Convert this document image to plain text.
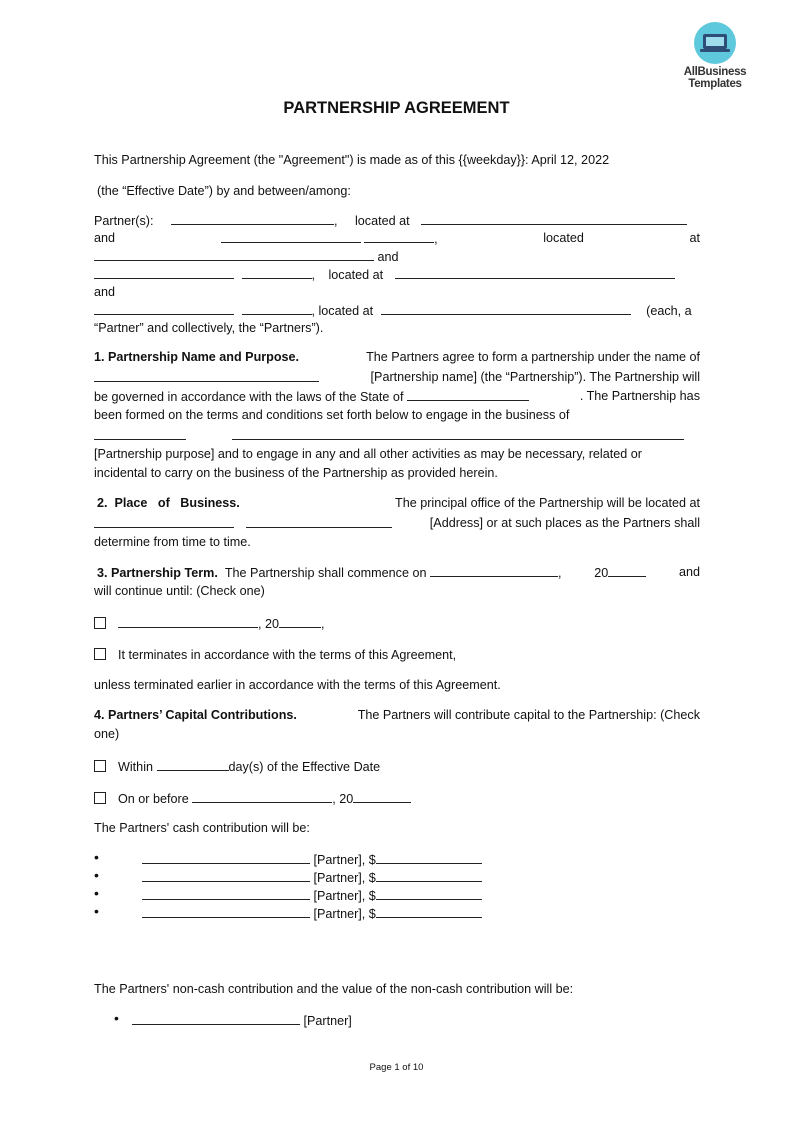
AllBusiness
Templates
PARTNERSHIP AGREEMENT
This Partnership Agreement (the "Agreement") is made as of this {{weekday}}: April 12, 2022
(the “Effective Date”) by and between/among:
Partner(s):	, located at
and	,	located	at
and
, located at
and
, located at	(each, a
“Partner” and collectively, the “Partners”).
1. Partnership Name and Purpose.	The Partners agree to form a partnership under the name of
[Partnership name] (the “Partnership”). The Partnership will
be governed in accordance with the laws of the State of	. The Partnership has
been formed on the terms and conditions set forth below to engage in the business of

[Partnership purpose] and to engage in any and all other activities as may be necessary, related or
incidental to carry on the business of the Partnership as provided herein.
2.  Place   of   Business.	The principal office of the Partnership will be located at

[Address] or at such places as the Partners shall
determine from time to time.
3. Partnership Term. The Partnership shall commence on	,	20	and
will continue until: (Check one)
, 20	,
It terminates in accordance with the terms of this Agreement,
unless terminated earlier in accordance with the terms of this Agreement.
4. Partners’ Capital Contributions.	The Partners will contribute capital to the Partnership: (Check
one)
Within	day(s) of the Effective Date
On or before	, 20
The Partners' cash contribution will be:
•	[Partner], $
•	[Partner], $
•	[Partner], $
•	[Partner], $
The Partners' non-cash contribution and the value of the non-cash contribution will be:
•	[Partner]
Page 1 of 10
